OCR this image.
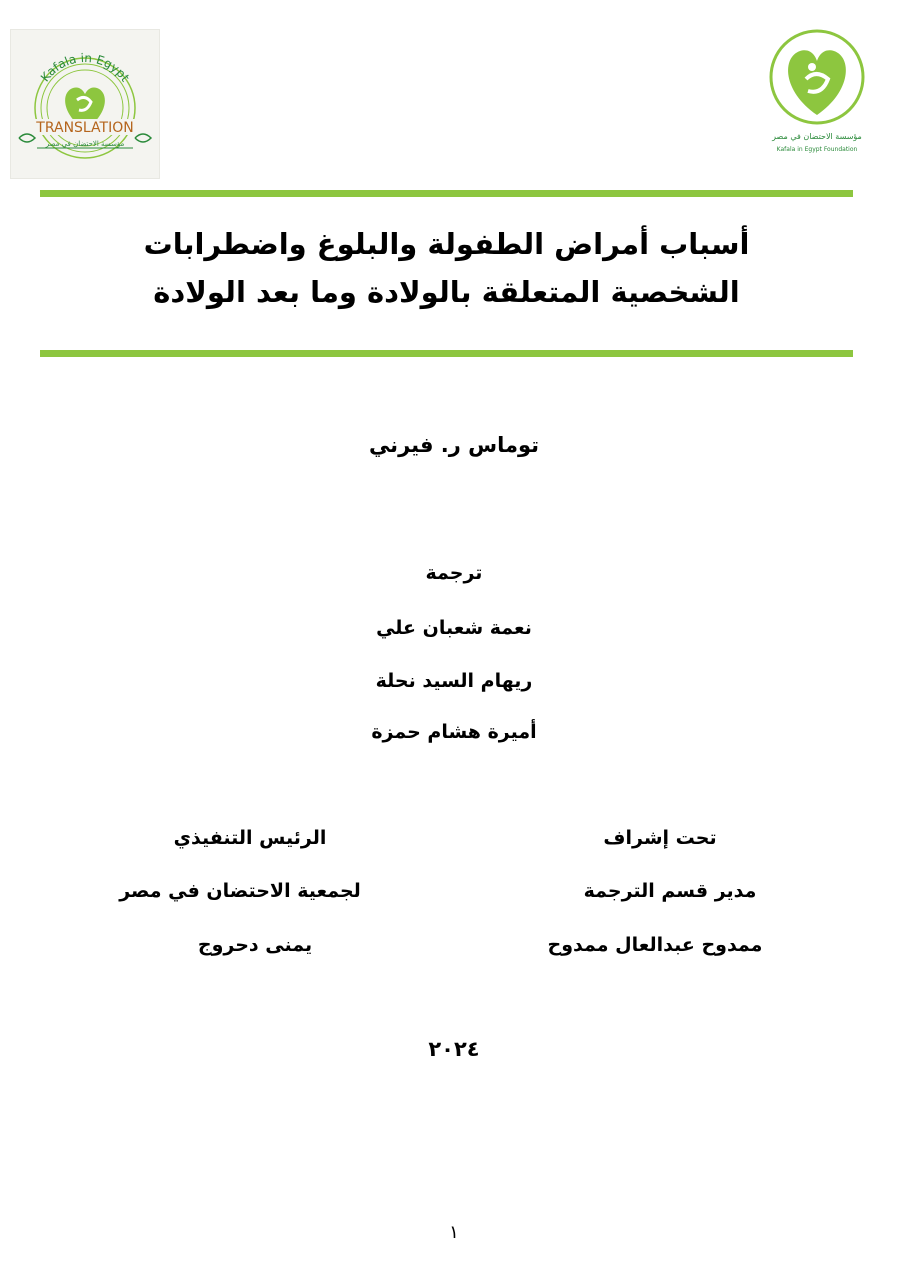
Kafala in Egypt
TRANSLATION
مؤسسة الاحتضان في مصر
مؤسسة الاحتضان في مصر
Kafala in Egypt Foundation
أسباب أمراض الطفولة والبلوغ واضطرابات
الشخصية المتعلقة بالولادة وما بعد الولادة
توماس ر. فيرني
ترجمة
نعمة شعبان علي
ريهام السيد نحلة
أميرة هشام حمزة
تحت إشراف
مدير قسم الترجمة
ممدوح عبدالعال ممدوح
الرئيس التنفيذي
لجمعية الاحتضان في مصر
يمنى دحروج
٢٠٢٤
١
